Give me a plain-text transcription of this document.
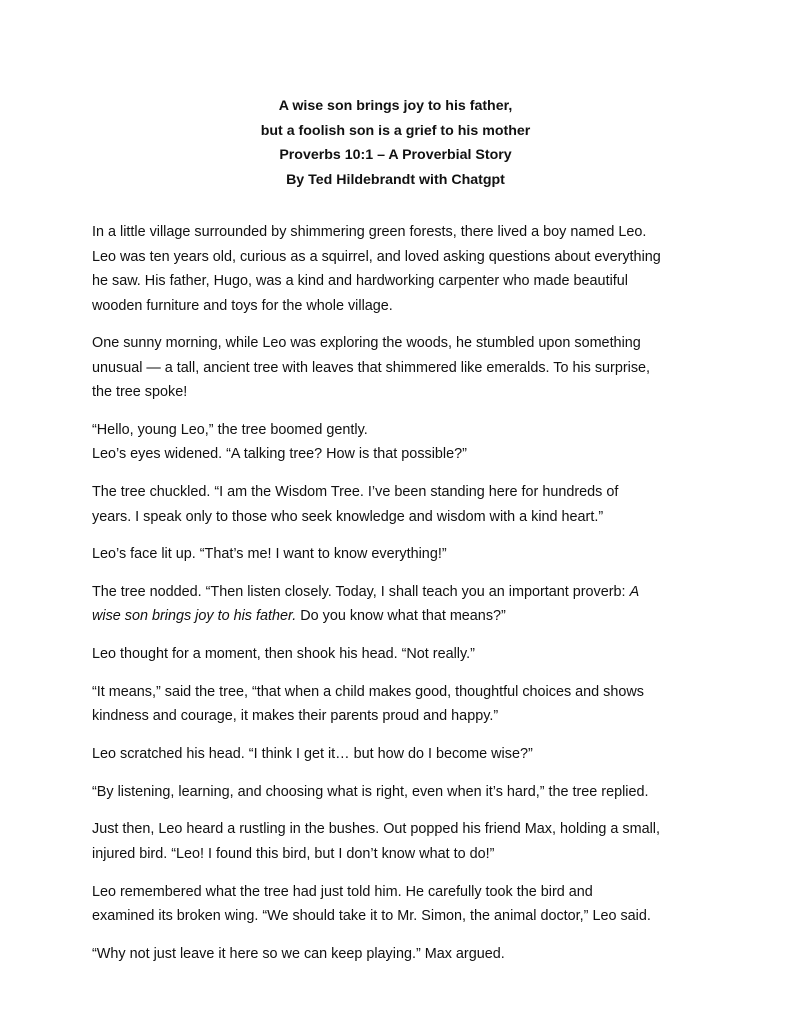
A wise son brings joy to his father,
but a foolish son is a grief to his mother
Proverbs 10:1 – A Proverbial Story
By Ted Hildebrandt with Chatgpt

In a little village surrounded by shimmering green forests, there lived a boy named Leo.
Leo was ten years old, curious as a squirrel, and loved asking questions about everything
he saw. His father, Hugo, was a kind and hardworking carpenter who made beautiful
wooden furniture and toys for the whole village.

One sunny morning, while Leo was exploring the woods, he stumbled upon something
unusual — a tall, ancient tree with leaves that shimmered like emeralds. To his surprise,
the tree spoke!

“Hello, young Leo,” the tree boomed gently.
Leo’s eyes widened. “A talking tree? How is that possible?”

The tree chuckled. “I am the Wisdom Tree. I’ve been standing here for hundreds of
years. I speak only to those who seek knowledge and wisdom with a kind heart.”

Leo’s face lit up. “That’s me! I want to know everything!”

The tree nodded. “Then listen closely. Today, I shall teach you an important proverb: A
wise son brings joy to his father. Do you know what that means?”

Leo thought for a moment, then shook his head. “Not really.”

“It means,” said the tree, “that when a child makes good, thoughtful choices and shows
kindness and courage, it makes their parents proud and happy.”

Leo scratched his head. “I think I get it… but how do I become wise?”

“By listening, learning, and choosing what is right, even when it’s hard,” the tree replied.

Just then, Leo heard a rustling in the bushes. Out popped his friend Max, holding a small,
injured bird. “Leo! I found this bird, but I don’t know what to do!”

Leo remembered what the tree had just told him. He carefully took the bird and
examined its broken wing. “We should take it to Mr. Simon, the animal doctor,” Leo said.

“Why not just leave it here so we can keep playing.” Max argued.
